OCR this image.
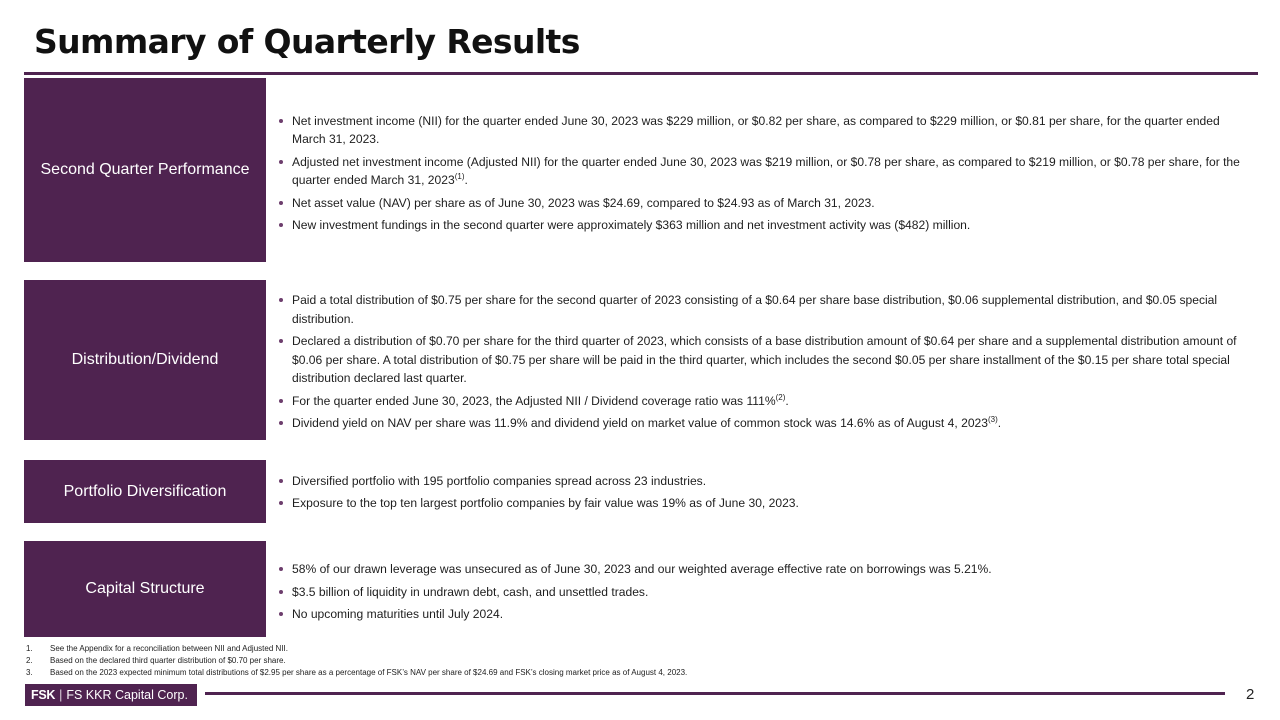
Summary of Quarterly Results
Second Quarter Performance
Net investment income (NII) for the quarter ended June 30, 2023 was $229 million, or $0.82 per share, as compared to $229 million, or $0.81 per share, for the quarter ended March 31, 2023.
Adjusted net investment income (Adjusted NII) for the quarter ended June 30, 2023 was $219 million, or $0.78 per share, as compared to $219 million, or $0.78 per share, for the quarter ended March 31, 2023$^{(1)}$.
Net asset value (NAV) per share as of June 30, 2023 was $24.69, compared to $24.93 as of March 31, 2023.
New investment fundings in the second quarter were approximately $363 million and net investment activity was ($482) million.
Distribution/Dividend
Paid a total distribution of $0.75 per share for the second quarter of 2023 consisting of a $0.64 per share base distribution, $0.06 supplemental distribution, and $0.05 special distribution.
Declared a distribution of $0.70 per share for the third quarter of 2023, which consists of a base distribution amount of $0.64 per share and a supplemental distribution amount of $0.06 per share. A total distribution of $0.75 per share will be paid in the third quarter, which includes the second $0.05 per share installment of the $0.15 per share total special distribution declared last quarter.
For the quarter ended June 30, 2023, the Adjusted NII / Dividend coverage ratio was 111%$^{(2)}$.
Dividend yield on NAV per share was 11.9% and dividend yield on market value of common stock was 14.6% as of August 4, 2023$^{(3)}$.
Portfolio Diversification
Diversified portfolio with 195 portfolio companies spread across 23 industries.
Exposure to the top ten largest portfolio companies by fair value was 19% as of June 30, 2023.
Capital Structure
58% of our drawn leverage was unsecured as of June 30, 2023 and our weighted average effective rate on borrowings was 5.21%.
$3.5 billion of liquidity in undrawn debt, cash, and unsettled trades.
No upcoming maturities until July 2024.
1.	See the Appendix for a reconciliation between NII and Adjusted NII.
2.	Based on the declared third quarter distribution of $0.70 per share.
3.	Based on the 2023 expected minimum total distributions of $2.95 per share as a percentage of FSK’s NAV per share of $24.69 and FSK’s closing market price as of August 4, 2023.
FSK | FS KKR Capital Corp.	2
